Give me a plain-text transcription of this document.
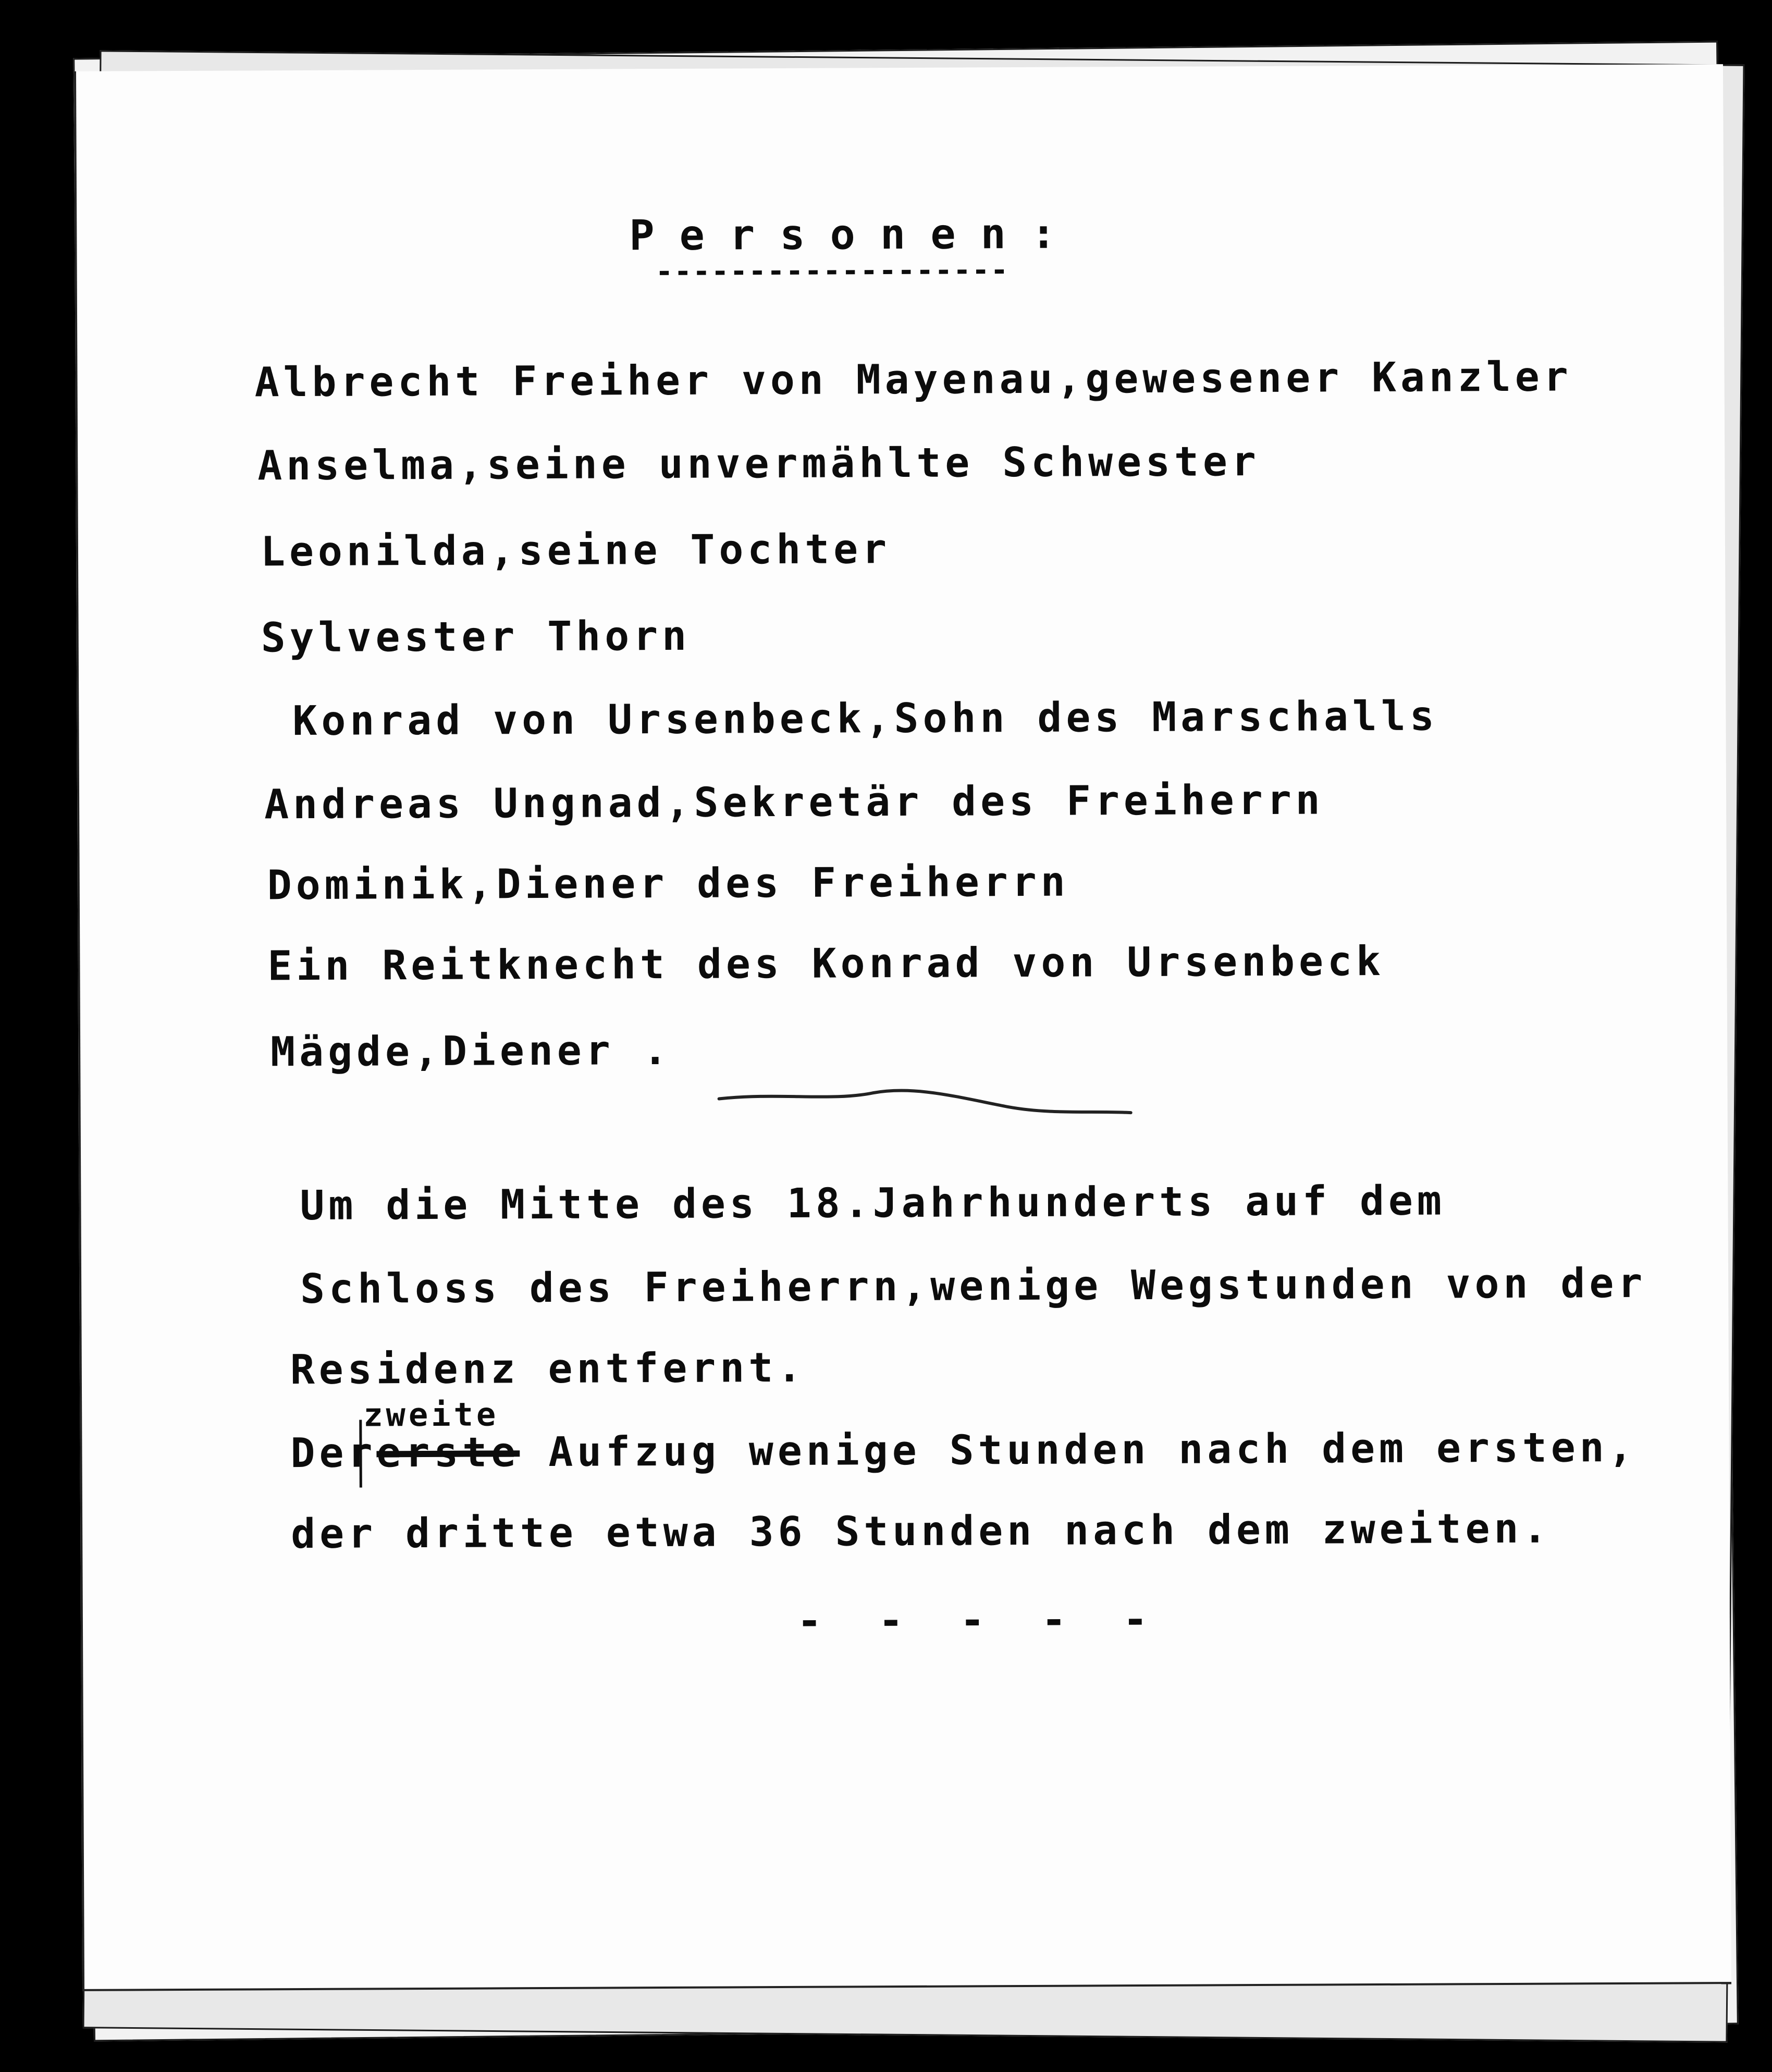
P e r s o n e n :

-------------------

Albrecht Freiher von Mayenau,gewesener Kanzler
Anselma,seine unvermählte Schwester
Leonilda,seine Tochter
Sylvester Thorn
Konrad von Ursenbeck,Sohn des Marschalls
Andreas Ungnad,Sekretär des Freiherrn
Dominik,Diener des Freiherrn
Ein Reitknecht des Konrad von Ursenbeck
Mägde,Diener .

Um die Mitte des 18.Jahrhunderts auf dem

Schloss des Freiherrn,wenige Wegstunden von der

Residenz entfernt.

zweite

Dererste Aufzug wenige Stunden nach dem ersten,

der dritte etwa 36 Stunden nach dem zweiten.

- - - - -
